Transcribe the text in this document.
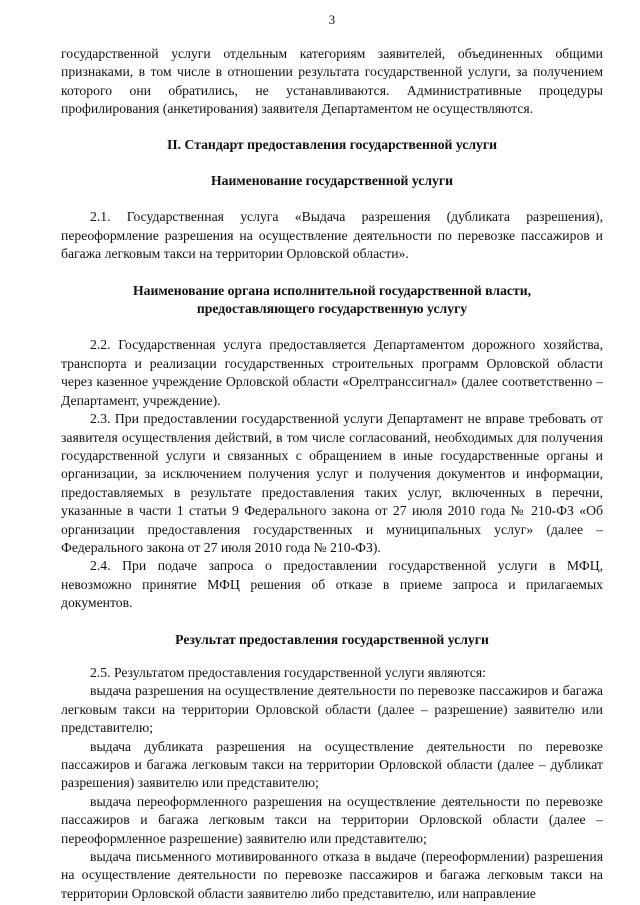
3

государственной услуги отдельным категориям заявителей, объединенных общими признаками, в том числе в отношении результата государственной услуги, за получением которого они обратились, не устанавливаются. Административные процедуры профилирования (анкетирования) заявителя Департаментом не осуществляются.

II. Стандарт предоставления государственной услуги
Наименование государственной услуги

2.1. Государственная услуга «Выдача разрешения (дубликата разрешения), переоформление разрешения на осуществление деятельности по перевозке пассажиров и багажа легковым такси на территории Орловской области».

Наименование органа исполнительной государственной власти,
предоставляющего государственную услугу

2.2. Государственная услуга предоставляется Департаментом дорожного хозяйства, транспорта и реализации государственных строительных программ Орловской области через казенное учреждение Орловской области «Орелтранссигнал» (далее соответственно – Департамент, учреждение).

2.3. При предоставлении государственной услуги Департамент не вправе требовать от заявителя осуществления действий, в том числе согласований, необходимых для получения государственной услуги и связанных с обращением в иные государственные органы и организации, за исключением получения услуг и получения документов и информации, предоставляемых в результате предоставления таких услуг, включенных в перечни, указанные в части 1 статьи 9 Федерального закона от 27 июля 2010 года № 210-ФЗ «Об организации предоставления государственных и муниципальных услуг» (далее – Федерального закона от 27 июля 2010 года № 210-ФЗ).

2.4. При подаче запроса о предоставлении государственной услуги в МФЦ, невозможно принятие МФЦ решения об отказе в приеме запроса и прилагаемых документов.

Результат предоставления государственной услуги

2.5. Результатом предоставления государственной услуги являются:

выдача разрешения на осуществление деятельности по перевозке пассажиров и багажа легковым такси на территории Орловской области (далее – разрешение) заявителю или представителю;

выдача дубликата разрешения на осуществление деятельности по перевозке пассажиров и багажа легковым такси на территории Орловской области (далее – дубликат разрешения) заявителю или представителю;

выдача переоформленного разрешения на осуществление деятельности по перевозке пассажиров и багажа легковым такси на территории Орловской области (далее – переоформленное разрешение) заявителю или представителю;

выдача письменного мотивированного отказа в выдаче (переоформлении) разрешения на осуществление деятельности по перевозке пассажиров и багажа легковым такси на территории Орловской области заявителю либо представителю, или направление
